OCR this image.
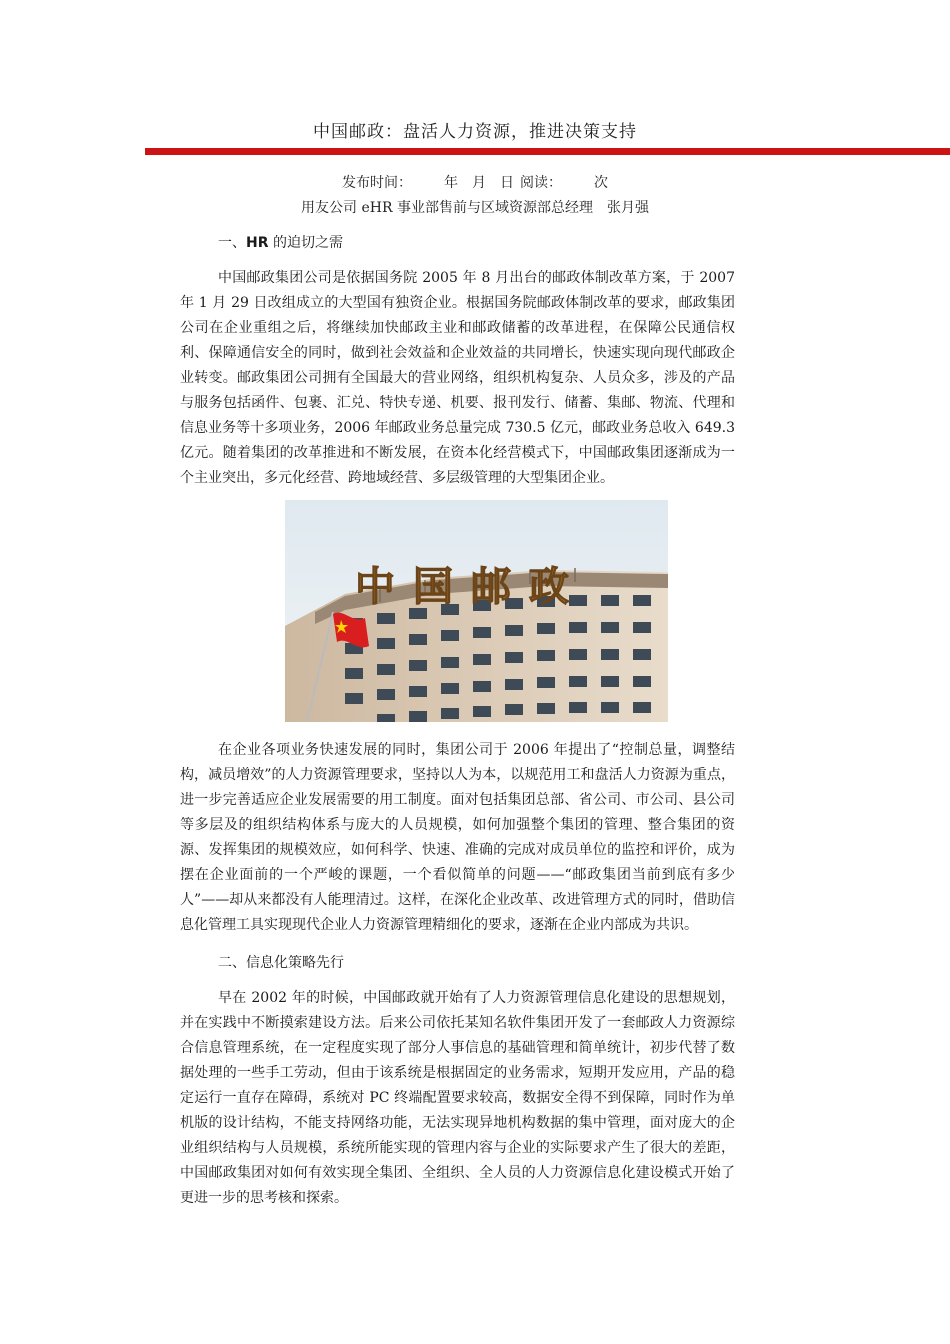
中国邮政：盘活人力资源，推进决策支持
发布时间： 年 月 日 阅读： 次
用友公司 eHR 事业部售前与区域资源部总经理　张月强
一、HR 的迫切之需

中国邮政集团公司是依据国务院 2005 年 8 月出台的邮政体制改革方案，于 2007 年 1 月 29 日改组成立的大型国有独资企业。根据国务院邮政体制改革的要求，邮政集团公司在企业重组之后，将继续加快邮政主业和邮政储蓄的改革进程，在保障公民通信权利、保障通信安全的同时，做到社会效益和企业效益的共同增长，快速实现向现代邮政企业转变。邮政集团公司拥有全国最大的营业网络，组织机构复杂、人员众多，涉及的产品与服务包括函件、包裹、汇兑、特快专递、机要、报刊发行、储蓄、集邮、物流、代理和信息业务等十多项业务，2006 年邮政业务总量完成 730.5 亿元，邮政业务总收入 649.3 亿元。随着集团的改革推进和不断发展，在资本化经营模式下，中国邮政集团逐渐成为一个主业突出，多元化经营、跨地域经营、多层级管理的大型集团企业。

中国邮政

在企业各项业务快速发展的同时，集团公司于 2006 年提出了“控制总量，调整结构，减员增效”的人力资源管理要求，坚持以人为本，以规范用工和盘活人力资源为重点，进一步完善适应企业发展需要的用工制度。面对包括集团总部、省公司、市公司、县公司等多层及的组织结构体系与庞大的人员规模，如何加强整个集团的管理、整合集团的资源、发挥集团的规模效应，如何科学、快速、准确的完成对成员单位的监控和评价，成为摆在企业面前的一个严峻的课题，一个看似简单的问题——“邮政集团当前到底有多少人”——却从来都没有人能理清过。这样，在深化企业改革、改进管理方式的同时，借助信息化管理工具实现现代企业人力资源管理精细化的要求，逐渐在企业内部成为共识。

二、信息化策略先行

早在 2002 年的时候，中国邮政就开始有了人力资源管理信息化建设的思想规划，并在实践中不断摸索建设方法。后来公司依托某知名软件集团开发了一套邮政人力资源综合信息管理系统，在一定程度实现了部分人事信息的基础管理和简单统计，初步代替了数据处理的一些手工劳动，但由于该系统是根据固定的业务需求，短期开发应用，产品的稳定运行一直存在障碍，系统对 PC 终端配置要求较高，数据安全得不到保障，同时作为单机版的设计结构，不能支持网络功能，无法实现异地机构数据的集中管理，面对庞大的企业组织结构与人员规模，系统所能实现的管理内容与企业的实际要求产生了很大的差距，中国邮政集团对如何有效实现全集团、全组织、全人员的人力资源信息化建设模式开始了更进一步的思考核和探索。
